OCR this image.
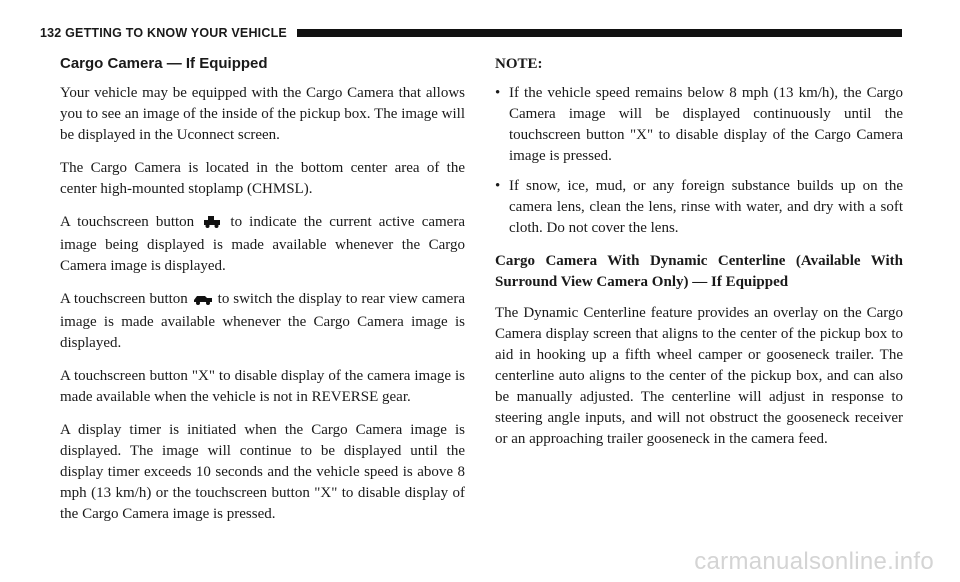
132 GETTING TO KNOW YOUR VEHICLE
Cargo Camera — If Equipped

Your vehicle may be equipped with the Cargo Camera that allows you to see an image of the inside of the pickup box. The image will be displayed in the Uconnect screen.

The Cargo Camera is located in the bottom center area of the center high-mounted stoplamp (CHMSL).

A touchscreen button to indicate the current active camera image being displayed is made available whenever the Cargo Camera image is displayed.

A touchscreen button to switch the display to rear view camera image is made available whenever the Cargo Camera image is displayed.

A touchscreen button "X" to disable display of the camera image is made available when the vehicle is not in REVERSE gear.

A display timer is initiated when the Cargo Camera image is displayed. The image will continue to be displayed until the display timer exceeds 10 seconds and the vehicle speed is above 8 mph (13 km/h) or the touchscreen button "X" to disable display of the Cargo Camera image is pressed.

NOTE:
• If the vehicle speed remains below 8 mph (13 km/h), the Cargo Camera image will be displayed continuously until the touchscreen button "X" to disable display of the Cargo Camera image is pressed.
• If snow, ice, mud, or any foreign substance builds up on the camera lens, clean the lens, rinse with water, and dry with a soft cloth. Do not cover the lens.
Cargo Camera With Dynamic Centerline (Available With Surround View Camera Only) — If Equipped

The Dynamic Centerline feature provides an overlay on the Cargo Camera display screen that aligns to the center of the pickup box to aid in hooking up a fifth wheel camper or gooseneck trailer. The centerline auto aligns to the center of the pickup box, and can also be manually adjusted. The centerline will adjust in response to steering angle inputs, and will not obstruct the gooseneck receiver or an approaching trailer gooseneck in the camera feed.

carmanualsonline.info
